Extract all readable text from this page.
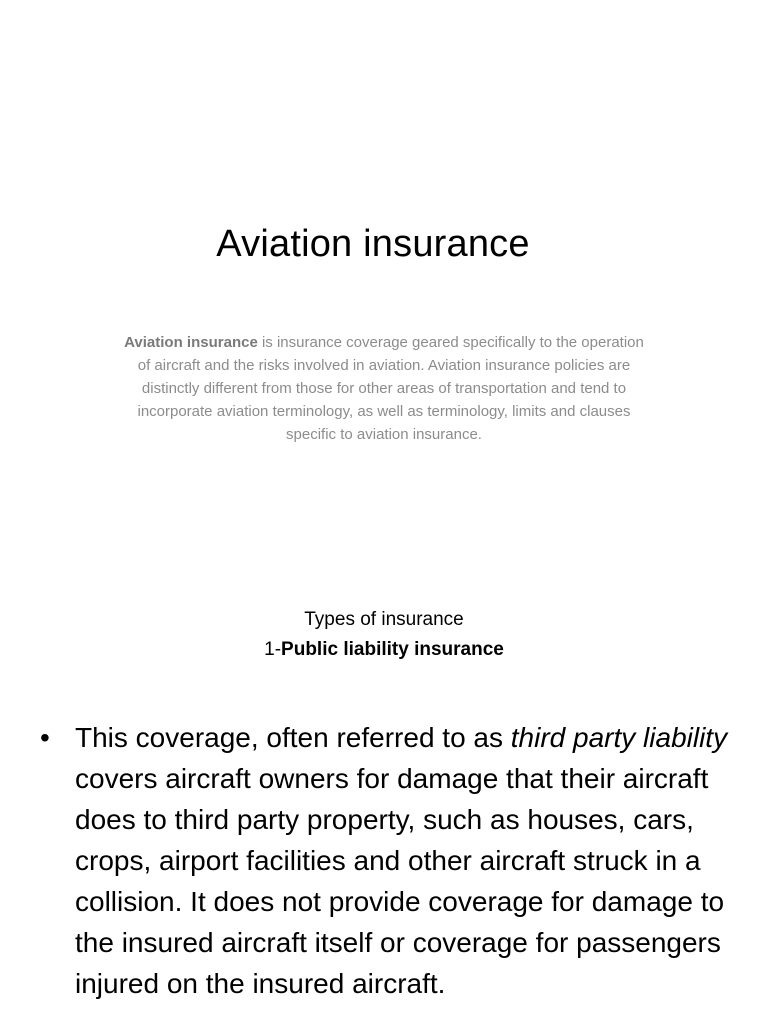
Aviation insurance
Aviation insurance is insurance coverage geared specifically to the operation of aircraft and the risks involved in aviation. Aviation insurance policies are distinctly different from those for other areas of transportation and tend to incorporate aviation terminology, as well as terminology, limits and clauses specific to aviation insurance.
Types of insurance
1-Public liability insurance
• This coverage, often referred to as third party liability covers aircraft owners for damage that their aircraft does to third party property, such as houses, cars, crops, airport facilities and other aircraft struck in a collision. It does not provide coverage for damage to the insured aircraft itself or coverage for passengers injured on the insured aircraft.
